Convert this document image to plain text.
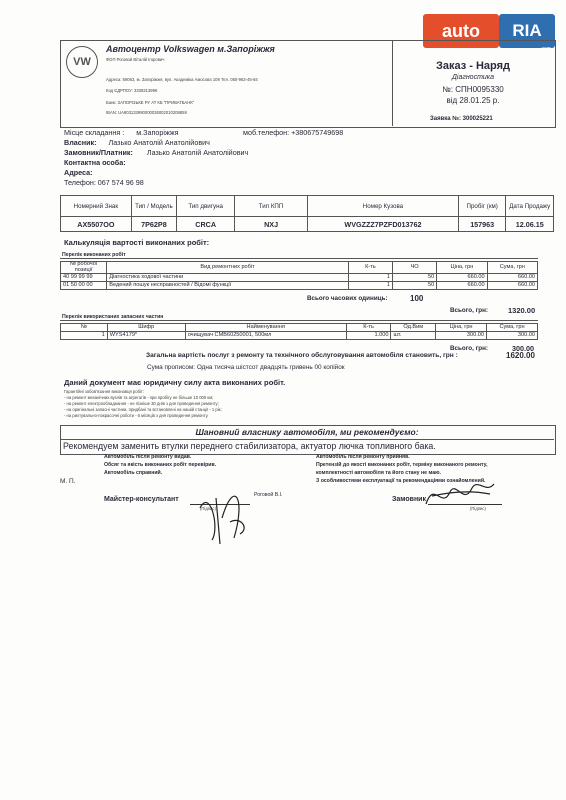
auto	RIA
.com
VW
Автоцентр Volkswagen м.Запоріжжя
ФОП Роговой Віталій Ігорович
Адреса: 69063, м. Запоріжжя, вул. Академіка Амосова 109 Тел. 050-963-45-84
Код ЄДРПОУ: 3339313996
Банк: ЗАПОРІЗЬКЕ РУ АТ КБ "ПРИВАТБАНК"
IBAN: UA803133990000026002010208859
Заказ - Наряд
Діагностика
№: СПН0095330
від 28.01.25 р.
Заявка №: 300025221
Місце складання : м.Запоріжжя	моб.телефон: +380675749698
Власник: Лазько Анатолій Анатолійович
Замовник/Платник: Лазько Анатолій Анатолійович
Контактна особа:
Адреса:
Телефон: 067 574 96 98
Номерний Знак	Тип / Модель	Тип двигуна	Тип КПП	Номер Кузова	Пробіг (км)	Дата Продажу
AX5507OO	7P62P8	CRCA	NXJ	WVGZZZ7PZFD013762	157963	12.06.15
Калькуляція вартості виконаних робіт:
Перелік виконаних робіт
№ робочої позиції	Вид ремонтних робіт	К-ть	ЧО	Ціна, грн	Сума, грн
40 99 99 99	Діагностика ходової частини	1	50	660.00	660.00
01 50 00 00	Ведений пошук несправностей / Відомі функції	1	50	660.00	660.00
Всього часових одиниць:	100
Всього, грн:	1320.00
Перелік використаних запасних частин
№	Шифр	Найменування	К-ть	Од.Вим	Ціна, грн	Сума, грн
1	WYS4179*	очищувач CMB60250001, 500мл	1.000	шт.	300.00	300.00
Всього, грн:	300.00
Загальна вартість послуг з ремонту та технічного обслуговування автомобіля становить, грн :	1620.00
Сума прописом: Одна тисяча шістсот двадцять гривень 00 копійок
Даний документ має юридичну силу акта виконаних робіт.
Гарантійні зобов'язання виконавця робіт:
- на ремонт механічних вузлів та агрегатів - при пробігу не більше 10 000 км;
- на ремонт електрообладнання - не пізніше 30 днів з дня проведення ремонту;
- на оригінальні запасні частини, придбані та встановлені на нашій станції - 1 рік;
- на рихтувально-покрасочні роботи - 6 місяців з дня проведення ремонту.
Шановний власнику автомобіля, ми рекомендуємо:
Рекомендуем заменить втулки переднего стабилизатора, актуатор лючка топливного бака.
Автомобіль після ремонту видав.
Обсяг та якість виконаних робіт перевірив.
Автомобіль справний.
Автомобіль після ремонту прийняв.
Претензій до якості виконаних робіт, терміну виконаного ремонту,
комплектності автомобіля та його стану не маю.
З особливостями експлуатації та рекомендаціями ознайомлений.
М. П.
Майстер-консультант
Роговой В.І.
(Підпис)
Замовник
(Підпис)
